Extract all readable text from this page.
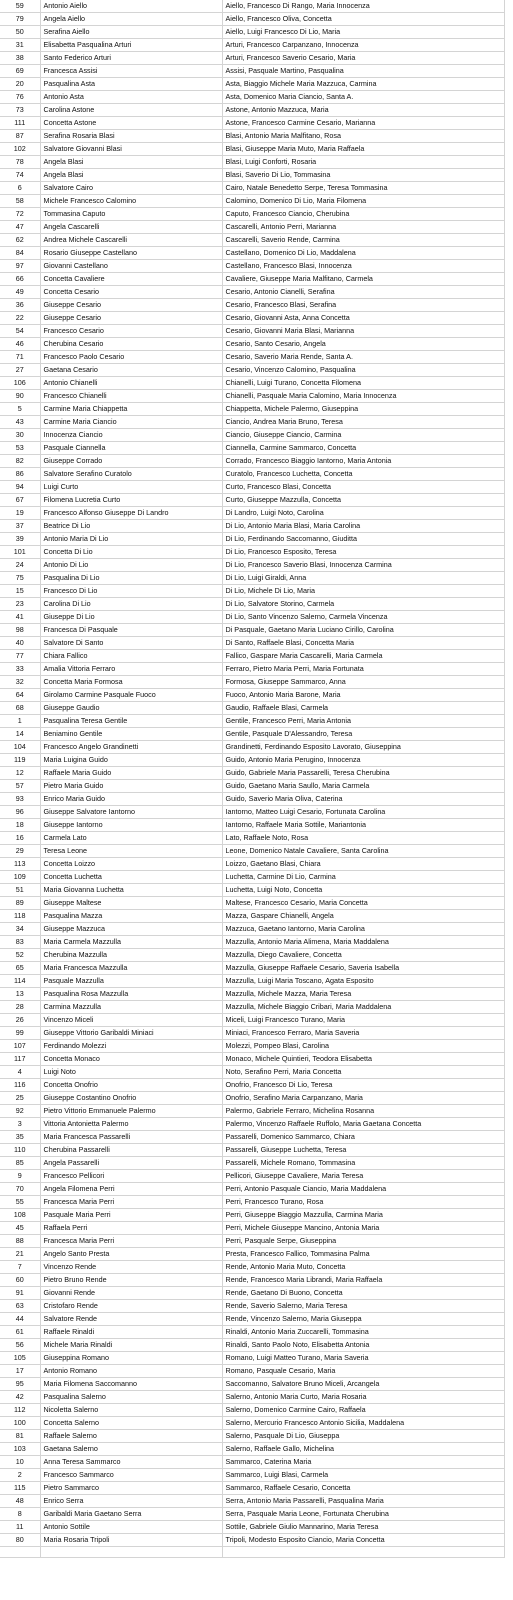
59	Antonio Aiello	Aiello, Francesco Di Rango, Maria Innocenza
79	Angela Aiello	Aiello, Francesco Oliva, Concetta
50	Serafina Aiello	Aiello, Luigi Francesco Di Lio, Maria
31	Elisabetta Pasqualina Arturi	Arturi, Francesco Carpanzano, Innocenza
38	Santo Federico Arturi	Arturi, Francesco Saverio Cesario, Maria
69	Francesca Assisi	Assisi, Pasquale Martino, Pasqualina
20	Pasqualina Asta	Asta, Biaggio Michele Maria Mazzuca, Carmina
76	Antonio Asta	Asta, Domenico Maria Ciancio, Santa A.
73	Carolina Astone	Astone, Antonio Mazzuca, Maria
111	Concetta Astone	Astone, Francesco Carmine Cesario, Marianna
87	Serafina Rosaria Blasi	Blasi, Antonio Maria Malfitano, Rosa
102	Salvatore Giovanni Blasi	Blasi, Giuseppe Maria Muto, Maria Raffaela
78	Angela Blasi	Blasi, Luigi Conforti, Rosaria
74	Angela Blasi	Blasi, Saverio Di Lio, Tommasina
6	Salvatore Cairo	Cairo, Natale Benedetto Serpe, Teresa Tommasina
58	Michele Francesco Calomino	Calomino, Domenico Di Lio, Maria Filomena
72	Tommasina Caputo	Caputo, Francesco Ciancio, Cherubina
47	Angela Cascarelli	Cascarelli, Antonio Perri, Marianna
62	Andrea Michele Cascarelli	Cascarelli, Saverio Rende, Carmina
84	Rosario Giuseppe Castellano	Castellano, Domenico Di Lio, Maddalena
97	Giovanni Castellano	Castellano, Francesco Blasi, Innocenza
66	Concetta Cavaliere	Cavaliere, Giuseppe Maria Malfitano, Carmela
49	Concetta Cesario	Cesario, Antonio Cianelli, Serafina
36	Giuseppe Cesario	Cesario, Francesco Blasi, Serafina
22	Giuseppe Cesario	Cesario, Giovanni Asta, Anna Concetta
54	Francesco Cesario	Cesario, Giovanni Maria Blasi, Marianna
46	Cherubina Cesario	Cesario, Santo Cesario, Angela
71	Francesco Paolo Cesario	Cesario, Saverio Maria Rende, Santa A.
27	Gaetana Cesario	Cesario, Vincenzo Calomino, Pasqualina
106	Antonio Chianelli	Chianelli, Luigi Turano, Concetta Filomena
90	Francesco Chianelli	Chianelli, Pasquale Maria Calomino, Maria Innocenza
5	Carmine Maria Chiappetta	Chiappetta, Michele Palermo, Giuseppina
43	Carmine Maria Ciancio	Ciancio, Andrea Maria Bruno, Teresa
30	Innocenza Ciancio	Ciancio, Giuseppe Ciancio, Carmina
53	Pasquale Ciannella	Ciannella, Carmine Sammarco, Concetta
82	Giuseppe Corrado	Corrado, Francesco Biaggio Iantorno, Maria Antonia
86	Salvatore Serafino Curatolo	Curatolo, Francesco Luchetta, Concetta
94	Luigi Curto	Curto, Francesco Blasi, Concetta
67	Filomena Lucretia Curto	Curto, Giuseppe Mazzulla, Concetta
19	Francesco Alfonso Giuseppe Di Landro	Di Landro, Luigi Noto, Carolina
37	Beatrice Di Lio	Di Lio, Antonio Maria Blasi, Maria Carolina
39	Antonio Maria Di Lio	Di Lio, Ferdinando Saccomanno, Giuditta
101	Concetta Di Lio	Di Lio, Francesco Esposito, Teresa
24	Antonio Di Lio	Di Lio, Francesco Saverio Blasi, Innocenza Carmina
75	Pasqualina Di Lio	Di Lio, Luigi Giraldi, Anna
15	Francesco Di Lio	Di Lio, Michele Di Lio, Maria
23	Carolina Di Lio	Di Lio, Salvatore Storino, Carmela
41	Giuseppe Di Lio	Di Lio, Santo Vincenzo Salerno, Carmela Vincenza
98	Francesca Di Pasquale	Di Pasquale, Gaetano Maria Luciano Cirillo, Carolina
40	Salvatore Di Santo	Di Santo, Raffaele Blasi, Concetta Maria
77	Chiara Fallico	Fallico, Gaspare Maria Cascarelli, Maria Carmela
33	Amalia Vittoria Ferraro	Ferraro, Pietro Maria Perri, Maria Fortunata
32	Concetta Maria Formosa	Formosa, Giuseppe Sammarco, Anna
64	Girolamo Carmine Pasquale Fuoco	Fuoco, Antonio Maria Barone, Maria
68	Giuseppe Gaudio	Gaudio, Raffaele Blasi, Carmela
1	Pasqualina Teresa Gentile	Gentile, Francesco Perri, Maria Antonia
14	Beniamino Gentile	Gentile, Pasquale D'Alessandro, Teresa
104	Francesco Angelo Grandinetti	Grandinetti, Ferdinando Esposito Lavorato, Giuseppina
119	Maria Luigina Guido	Guido, Antonio Maria Perugino, Innocenza
12	Raffaele Maria Guido	Guido, Gabriele Maria Passarelli, Teresa Cherubina
57	Pietro Maria Guido	Guido, Gaetano Maria Saullo, Maria Carmela
93	Enrico Maria Guido	Guido, Saverio Maria Oliva, Caterina
96	Giuseppe Salvatore Iantorno	Iantorno, Matteo Luigi Cesario, Fortunata Carolina
18	Giuseppe Iantorno	Iantorno, Raffaele Maria Sottile, Mariantonia
16	Carmela Lato	Lato, Raffaele Noto, Rosa
29	Teresa Leone	Leone, Domenico Natale Cavaliere, Santa Carolina
113	Concetta Loizzo	Loizzo, Gaetano Blasi, Chiara
109	Concetta Luchetta	Luchetta, Carmine Di Lio, Carmina
51	Maria Giovanna Luchetta	Luchetta, Luigi Noto, Concetta
89	Giuseppe Maltese	Maltese, Francesco Cesario, Maria Concetta
118	Pasqualina Mazza	Mazza, Gaspare Chianelli, Angela
34	Giuseppe Mazzuca	Mazzuca, Gaetano Iantorno, Maria Carolina
83	Maria Carmela Mazzulla	Mazzulla, Antonio Maria Alimena, Maria Maddalena
52	Cherubina Mazzulla	Mazzulla, Diego Cavaliere, Concetta
65	Maria Francesca Mazzulla	Mazzulla, Giuseppe Raffaele Cesario, Saveria Isabella
114	Pasquale Mazzulla	Mazzulla, Luigi Maria Toscano, Agata Esposito
13	Pasqualina Rosa Mazzulla	Mazzulla, Michele Mazza, Maria Teresa
28	Carmina Mazzulla	Mazzulla, Michele Biaggio Cribari, Maria Maddalena
26	Vincenzo Miceli	Miceli, Luigi Francesco Turano, Maria
99	Giuseppe Vittorio Garibaldi Miniaci	Miniaci, Francesco Ferraro, Maria Saveria
107	Ferdinando Molezzi	Molezzi, Pompeo Blasi, Carolina
117	Concetta Monaco	Monaco, Michele Quintieri, Teodora Elisabetta
4	Luigi Noto	Noto, Serafino Perri, Maria Concetta
116	Concetta Onofrio	Onofrio, Francesco Di Lio, Teresa
25	Giuseppe Costantino Onofrio	Onofrio, Serafino Maria Carpanzano, Maria
92	Pietro Vittorio Emmanuele Palermo	Palermo, Gabriele Ferraro, Michelina Rosanna
3	Vittoria Antonietta Palermo	Palermo, Vincenzo Raffaele Ruffolo, Maria Gaetana Concetta
35	Maria Francesca Passarelli	Passarelli, Domenico Sammarco, Chiara
110	Cherubina Passarelli	Passarelli, Giuseppe Luchetta, Teresa
85	Angela Passarelli	Passarelli, Michele Romano, Tommasina
9	Francesco Pellicori	Pellicori, Giuseppe Cavaliere, Maria Teresa
70	Angela Filomena Perri	Perri, Antonio Pasquale Ciancio, Maria Maddalena
55	Francesca Maria Perri	Perri, Francesco Turano, Rosa
108	Pasquale Maria Perri	Perri, Giuseppe Biaggio Mazzulla, Carmina Maria
45	Raffaela Perri	Perri, Michele Giuseppe Mancino, Antonia Maria
88	Francesca Maria Perri	Perri, Pasquale Serpe, Giuseppina
21	Angelo Santo Presta	Presta, Francesco Fallico, Tommasina Palma
7	Vincenzo Rende	Rende, Antonio Maria Muto, Concetta
60	Pietro Bruno Rende	Rende, Francesco Maria Librandi, Maria Raffaela
91	Giovanni Rende	Rende, Gaetano Di Buono, Concetta
63	Cristofaro Rende	Rende, Saverio Salerno, Maria Teresa
44	Salvatore Rende	Rende, Vincenzo Salerno, Maria Giuseppa
61	Raffaele Rinaldi	Rinaldi, Antonio Maria Zuccarelli, Tommasina
56	Michele Maria Rinaldi	Rinaldi, Santo Paolo Noto, Elisabetta Antonia
105	Giuseppina Romano	Romano, Luigi Matteo Turano, Maria Saveria
17	Antonio Romano	Romano, Pasquale Cesario, Maria
95	Maria Filomena Saccomanno	Saccomanno, Salvatore Bruno Miceli, Arcangela
42	Pasqualina Salerno	Salerno, Antonio Maria Curto, Maria Rosaria
112	Nicoletta Salerno	Salerno, Domenico Carmine Cairo, Raffaela
100	Concetta Salerno	Salerno, Mercurio Francesco Antonio Sicilia, Maddalena
81	Raffaele Salerno	Salerno, Pasquale Di Lio, Giuseppa
103	Gaetana Salerno	Salerno, Raffaele Gallo, Michelina
10	Anna Teresa Sammarco	Sammarco, Caterina Maria
2	Francesco Sammarco	Sammarco, Luigi Blasi, Carmela
115	Pietro Sammarco	Sammarco, Raffaele Cesario, Concetta
48	Enrico Serra	Serra, Antonio Maria Passarelli, Pasqualina Maria
8	Garibaldi Maria Gaetano Serra	Serra, Pasquale Maria Leone, Fortunata Cherubina
11	Antonio Sottile	Sottile, Gabriele Giulio Mannarino, Maria Teresa
80	Maria Rosaria Tripoli	Tripoli, Modesto Esposito Ciancio, Maria Concetta
